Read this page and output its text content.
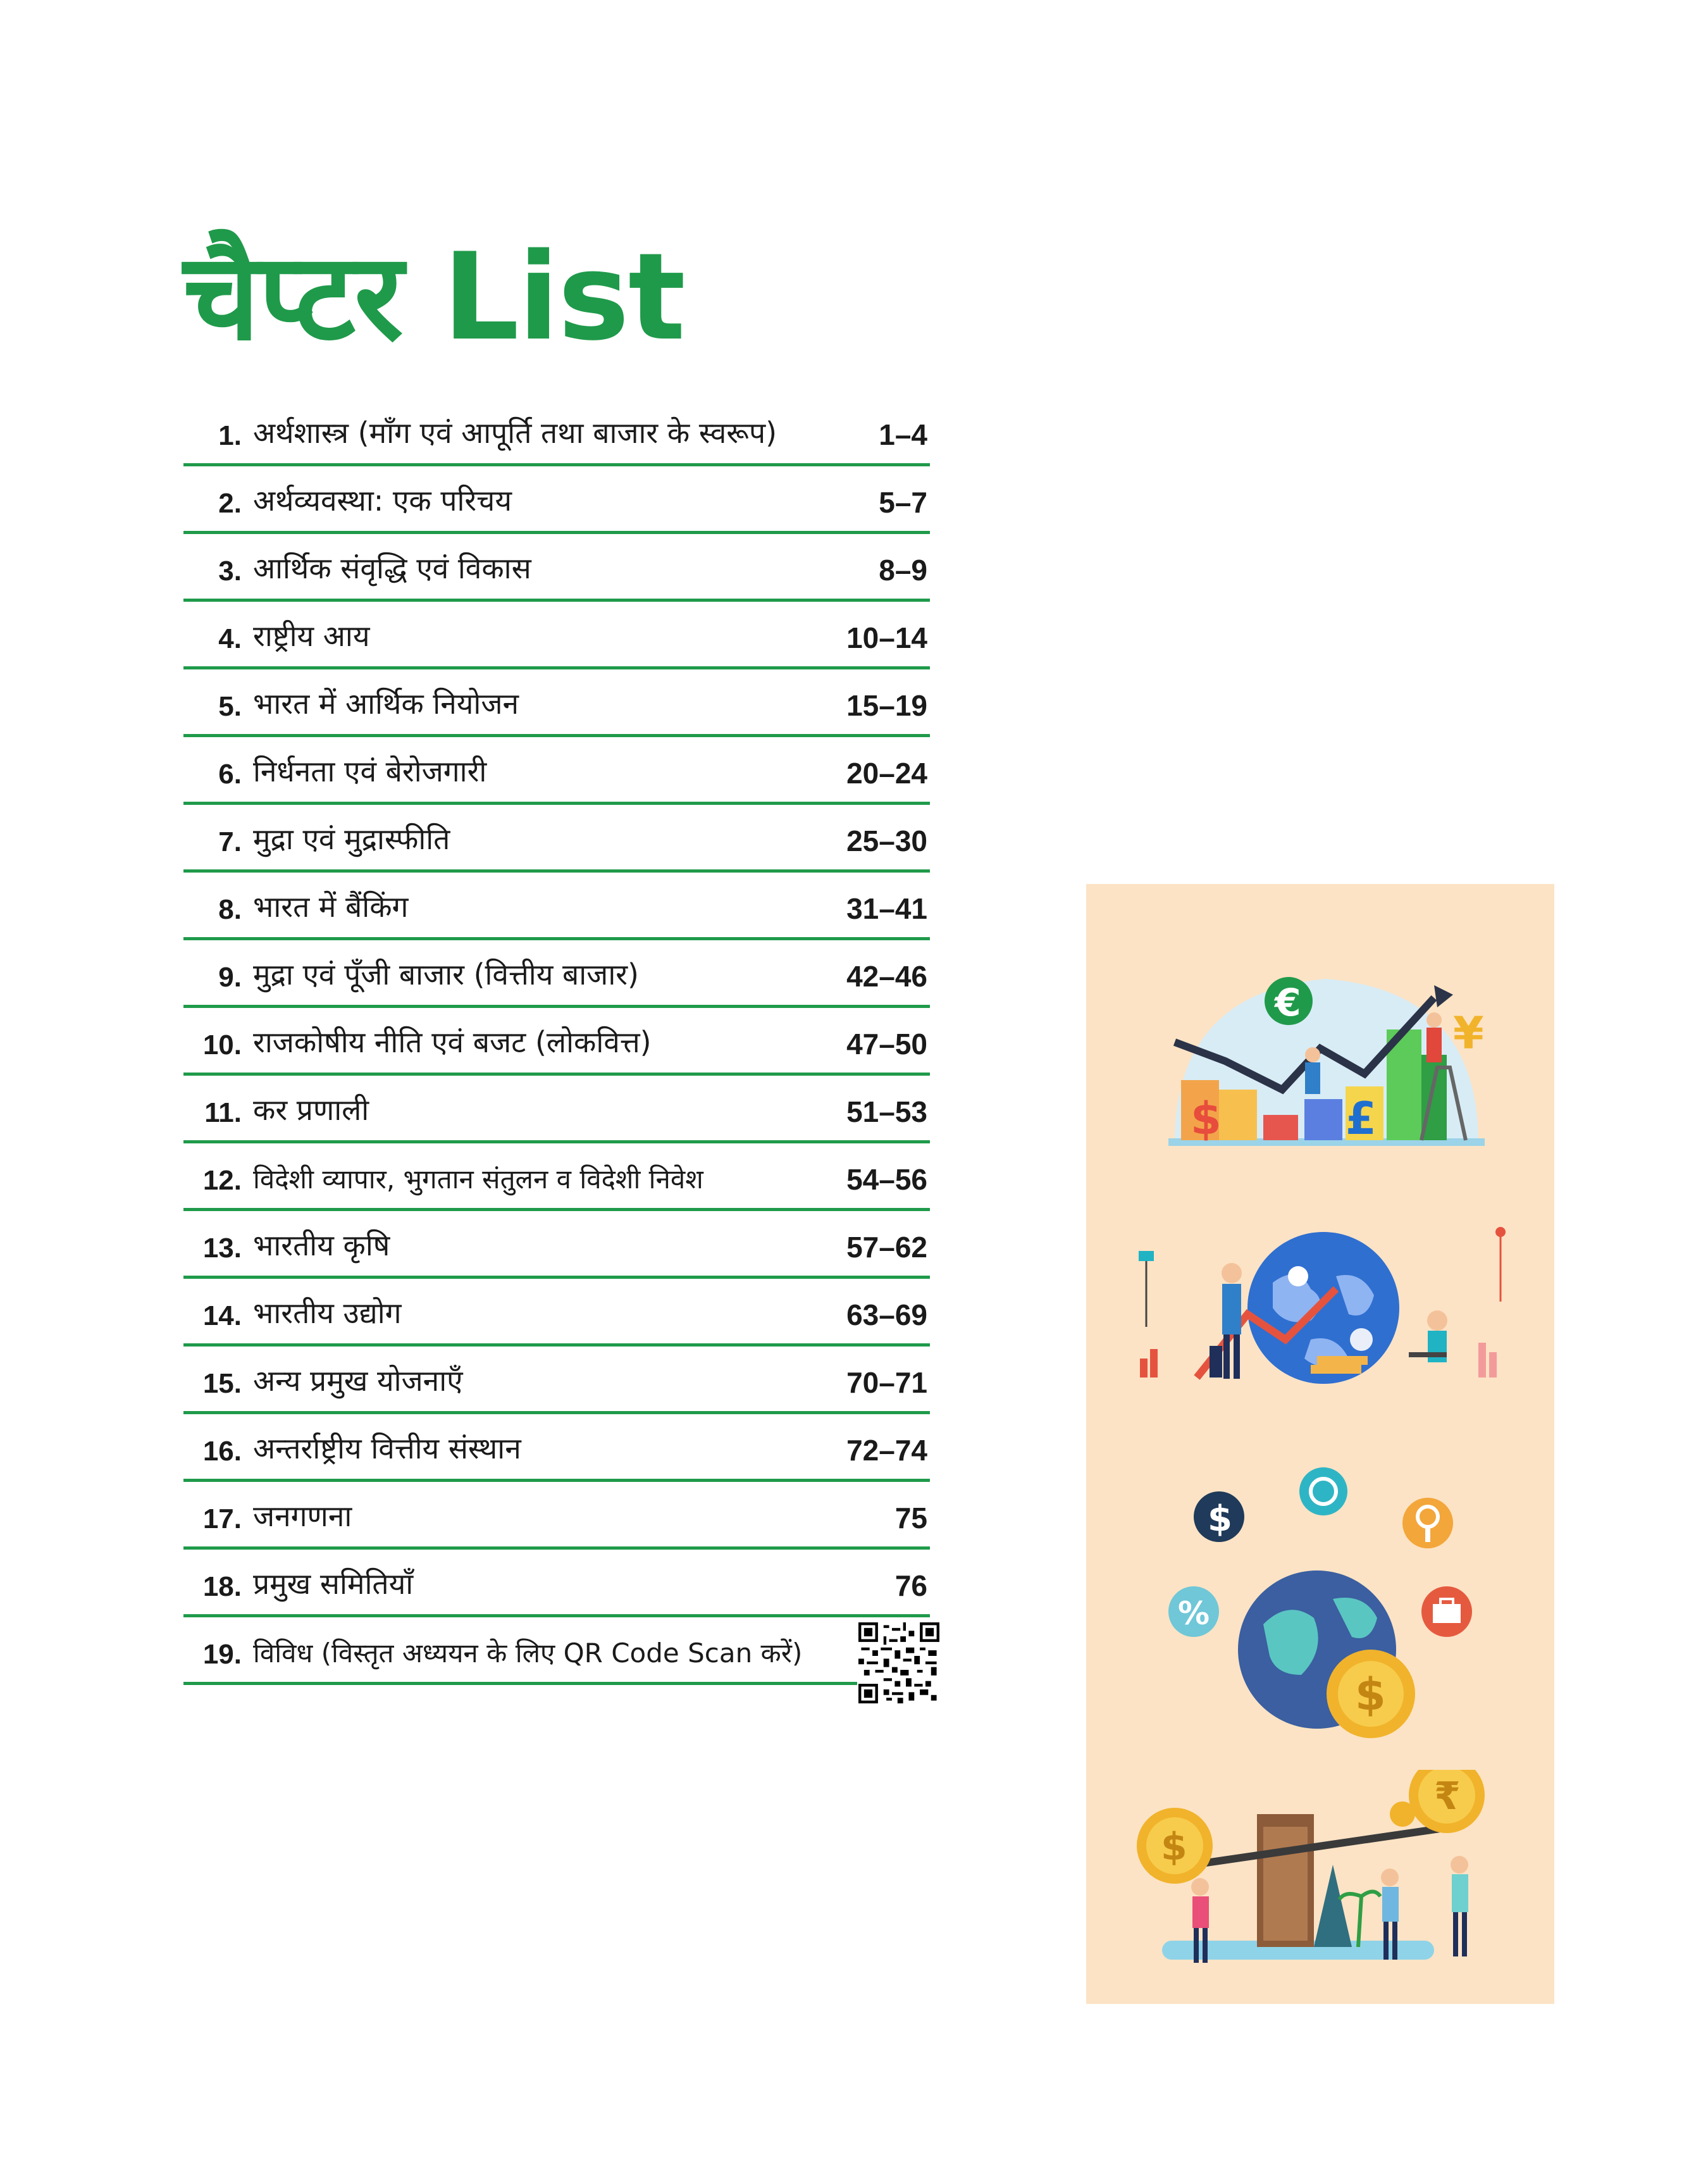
चैप्टर List
1. अर्थशास्त्र (माँग एवं आपूर्ति तथा बाजार के स्वरूप)	1–4
2. अर्थव्यवस्था: एक परिचय	5–7
3. आर्थिक संवृद्धि एवं विकास	8–9
4. राष्ट्रीय आय	10–14
5. भारत में आर्थिक नियोजन	15–19
6. निर्धनता एवं बेरोजगारी	20–24
7. मुद्रा एवं मुद्रास्फीति	25–30
8. भारत में बैंकिंग	31–41
9. मुद्रा एवं पूँजी बाजार (वित्तीय बाजार)	42–46
10. राजकोषीय नीति एवं बजट (लोकवित्त)	47–50
11. कर प्रणाली	51–53
12. विदेशी व्यापार, भुगतान संतुलन व विदेशी निवेश	54–56
13. भारतीय कृषि	57–62
14. भारतीय उद्योग	63–69
15. अन्य प्रमुख योजनाएँ	70–71
16. अन्तर्राष्ट्रीय वित्तीय संस्थान	72–74
17. जनगणना	75
18. प्रमुख समितियाँ	76
19. विविध (विस्तृत अध्ययन के लिए QR Code Scan करें)
$
€
£
¥
$
%
$
$
₹
